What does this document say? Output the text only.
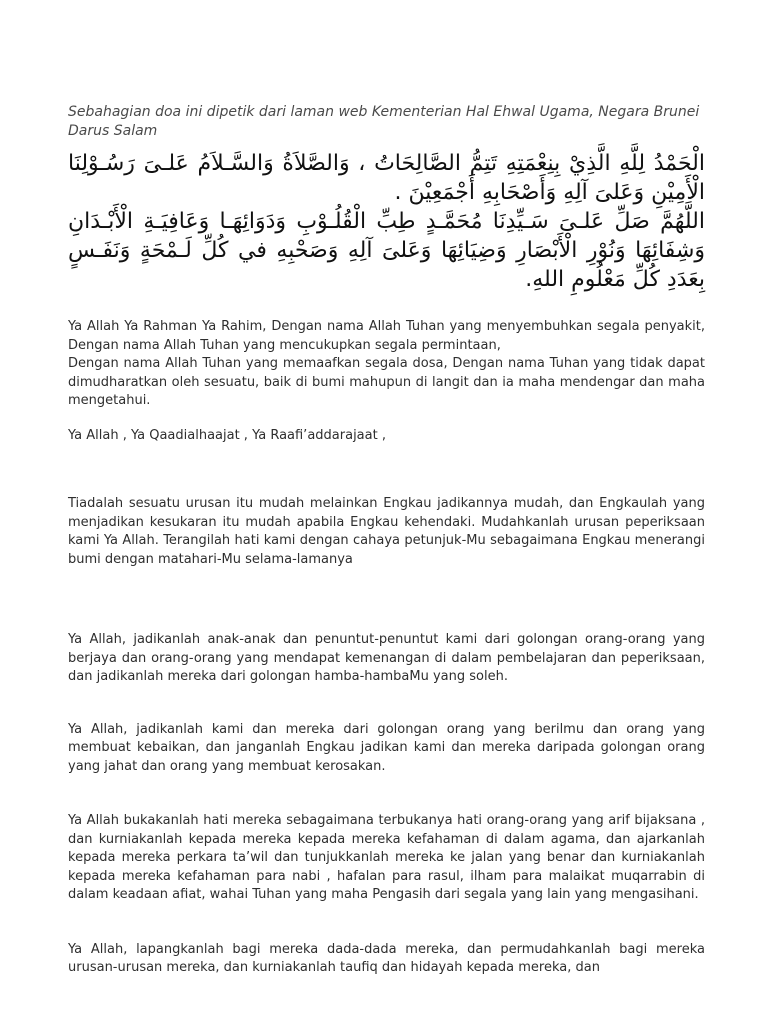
Sebahagian doa ini dipetik dari laman web Kementerian Hal Ehwal Ugama, Negara Brunei Darus Salam

الْحَمْدُ لِلَّهِ الَّذِيْ بِنِعْمَتِهِ تَتِمُّ الصَّالِحَاتُ ، وَالصَّلاَةُ وَالسَّـلاَمُ عَلـىَ رَسُـوْلِنَا الْأَمِيْنِ وَعَلىَ آلِهِ وَأَصْحَابِهِ أَجْمَعِيْنَ .

اللَّهُمَّ صَلِّ عَلـىَ سَـيِّدِنَا مُحَمَّـدٍ طِبِّ الْقُلُـوْبِ وَدَوَائِهَـا وَعَافِيَـةِ الْأَبْـدَانِ وَشِفَائِهَا وَنُوْرِ الْأَبْصَارِ وَضِيَائِهَا وَعَلىَ آلِهِ وَصَحْبِهِ في كُلِّ لَـمْحَةٍ وَنَفَـسٍ بِعَدَدِ كُلِّ مَعْلُومِ اللهِ.

Ya Allah Ya Rahman Ya Rahim, Dengan nama Allah Tuhan yang menyembuhkan segala penyakit, Dengan nama Allah Tuhan yang mencukupkan segala permintaan,

Dengan nama Allah Tuhan yang memaafkan segala dosa, Dengan nama Tuhan yang tidak dapat dimudharatkan oleh sesuatu, baik di bumi mahupun di langit dan ia maha mendengar dan maha mengetahui.

Ya Allah , Ya Qaadialhaajat , Ya Raafi’addarajaat ,

Tiadalah sesuatu urusan itu mudah melainkan Engkau jadikannya mudah, dan Engkaulah yang menjadikan kesukaran itu mudah apabila Engkau kehendaki. Mudahkanlah urusan peperiksaan kami Ya Allah. Terangilah hati kami dengan cahaya petunjuk-Mu sebagaimana Engkau menerangi bumi dengan matahari-Mu selama-lamanya

Ya Allah, jadikanlah anak-anak dan penuntut-penuntut kami dari golongan orang-orang yang berjaya dan orang-orang yang mendapat kemenangan di dalam pembelajaran dan peperiksaan, dan jadikanlah mereka dari golongan hamba-hambaMu yang soleh.

Ya Allah, jadikanlah kami dan mereka dari golongan orang yang berilmu dan orang yang membuat kebaikan, dan janganlah Engkau jadikan kami dan mereka daripada golongan orang yang jahat dan orang yang membuat kerosakan.

Ya Allah bukakanlah hati mereka sebagaimana terbukanya hati orang-orang yang arif bijaksana , dan kurniakanlah kepada mereka kepada mereka kefahaman di dalam agama, dan ajarkanlah kepada mereka perkara ta’wil dan tunjukkanlah mereka ke jalan yang benar dan kurniakanlah kepada mereka kefahaman para nabi , hafalan para rasul, ilham para malaikat muqarrabin di dalam keadaan afiat, wahai Tuhan yang maha Pengasih dari segala yang lain yang mengasihani.

Ya Allah, lapangkanlah bagi mereka dada-dada mereka, dan permudahkanlah bagi mereka urusan-urusan mereka, dan kurniakanlah taufiq dan hidayah kepada mereka, dan
